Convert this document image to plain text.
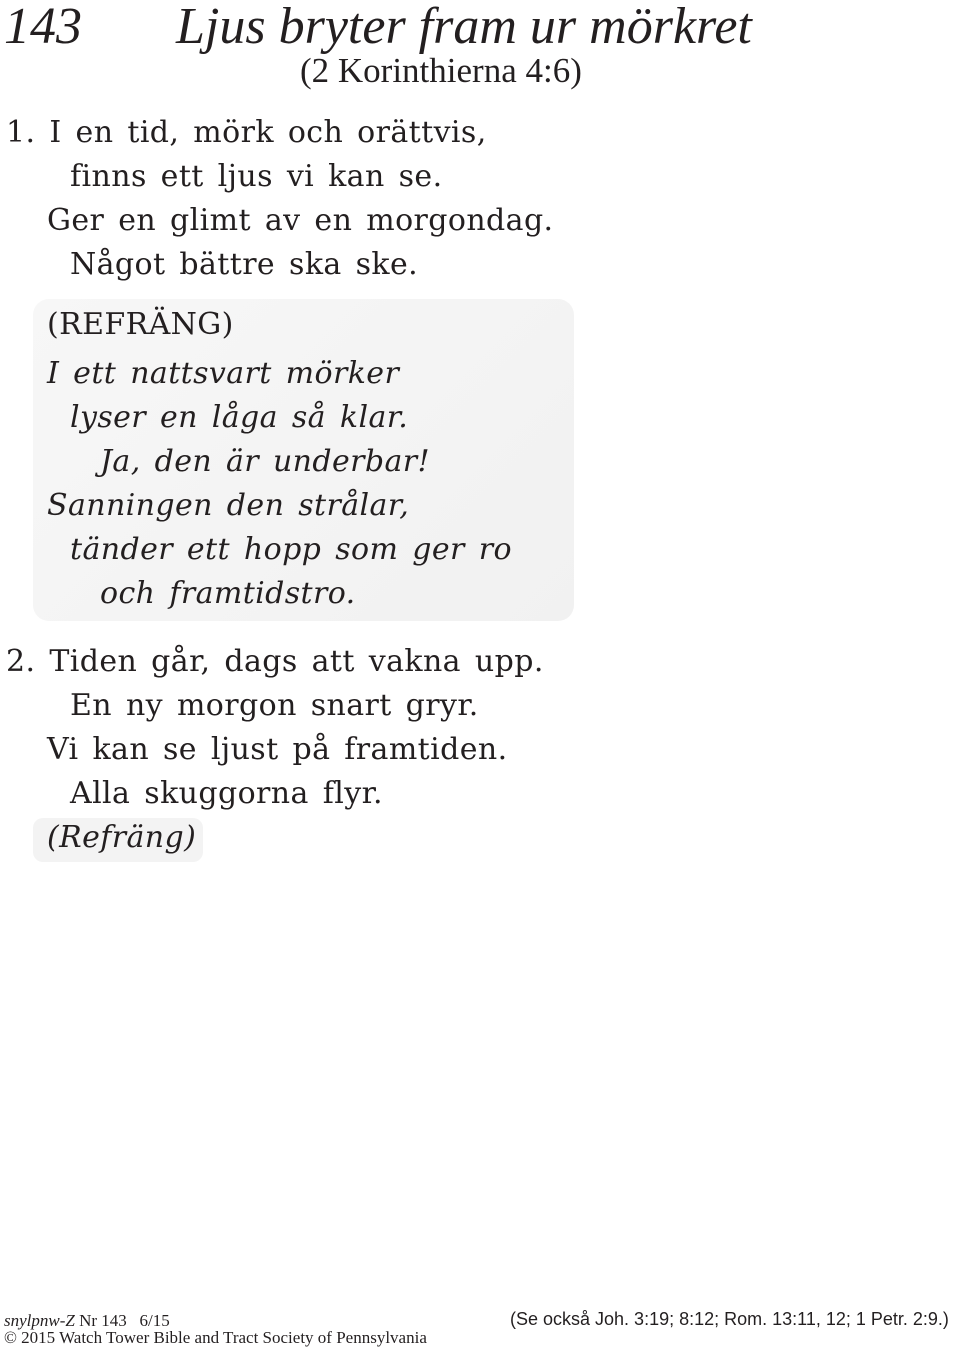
143 Ljus bryter fram ur mörkret
(2 Korinthierna 4:6)
1. I en tid, mörk och orättvis,
finns ett ljus vi kan se.
Ger en glimt av en morgondag.
Något bättre ska ske.
(REFRÄNG)
I ett nattsvart mörker
lyser en låga så klar.
Ja, den är underbar!
Sanningen den strålar,
tänder ett hopp som ger ro
och framtidstro.
2. Tiden går, dags att vakna upp.
En ny morgon snart gryr.
Vi kan se ljust på framtiden.
Alla skuggorna flyr.
(Refräng)
snylpnw-Z Nr 143   6/15
© 2015 Watch Tower Bible and Tract Society of Pennsylvania
(Se också Joh. 3:19; 8:12; Rom. 13:11, 12; 1 Petr. 2:9.)
